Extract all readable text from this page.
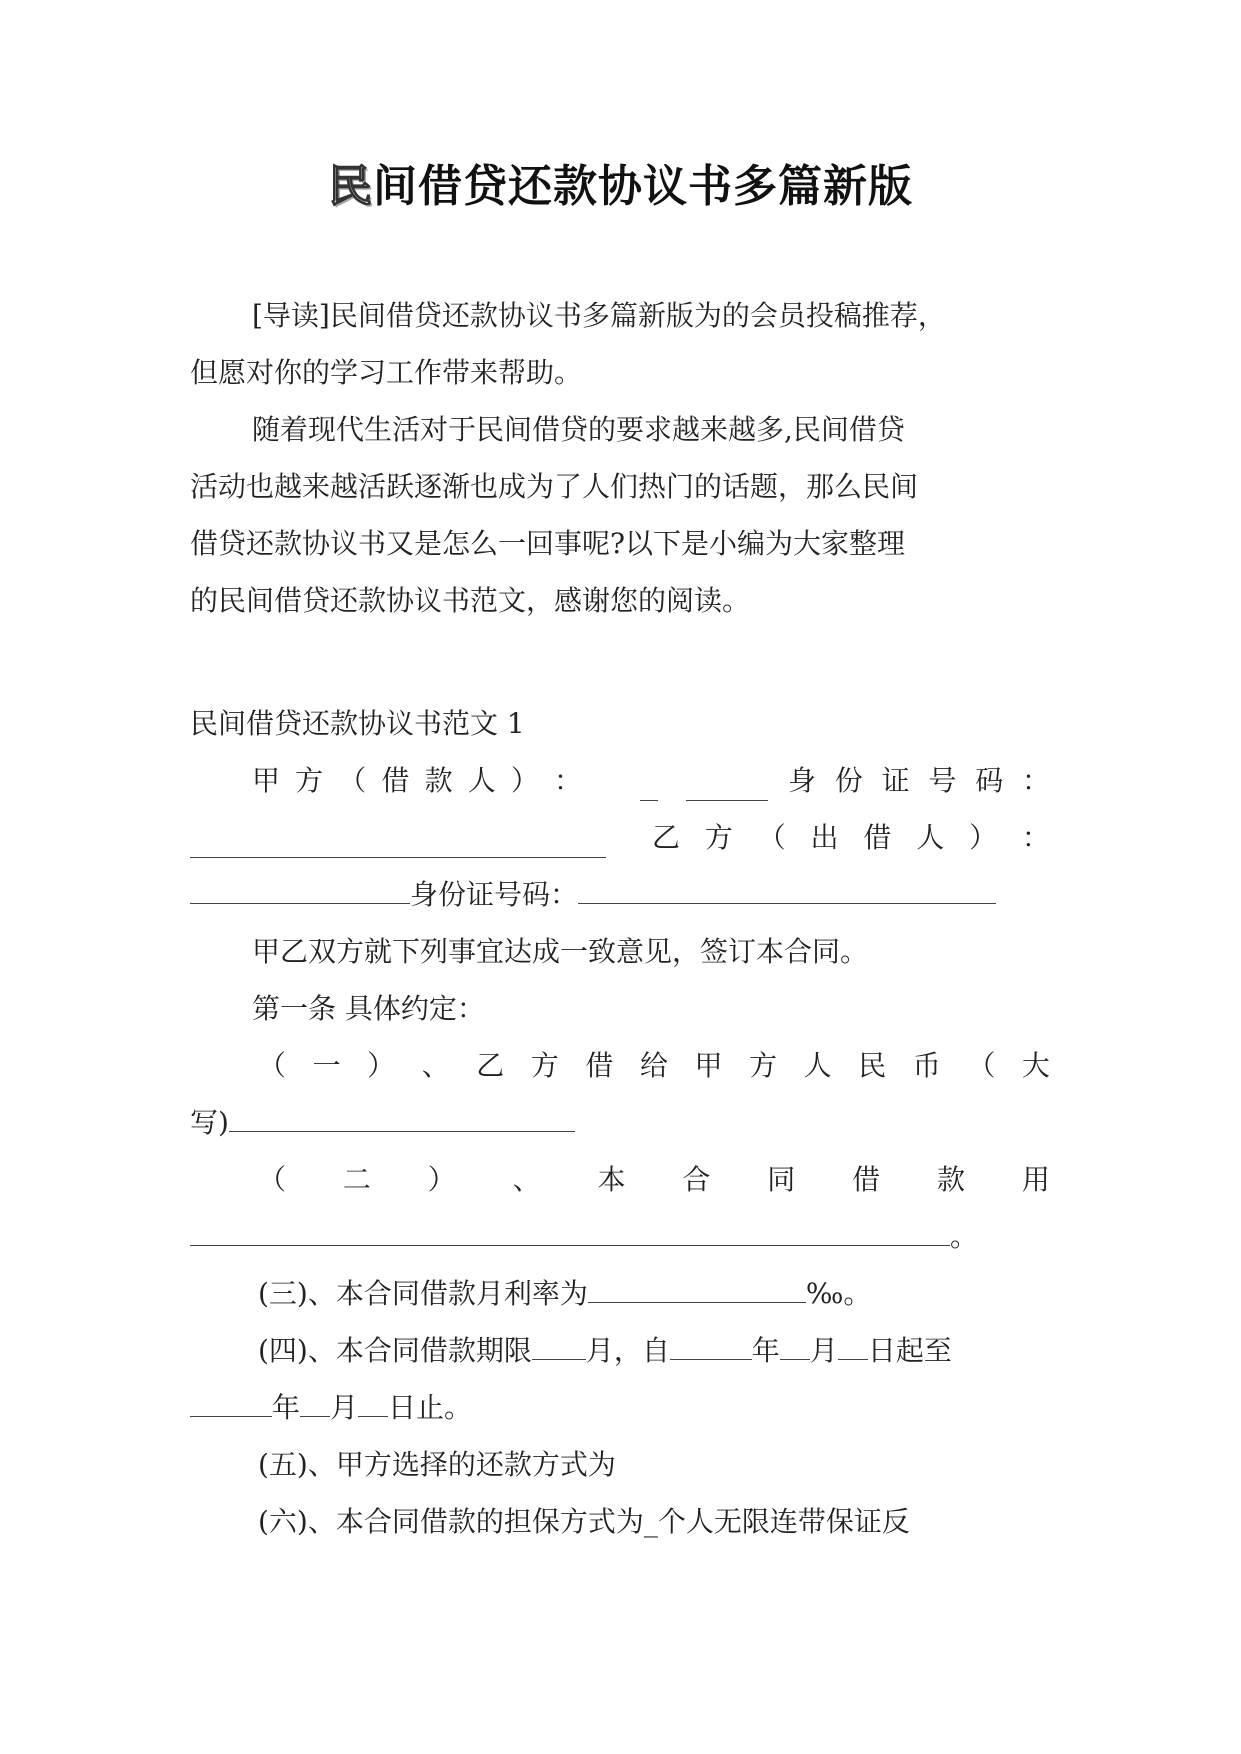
民间借贷还款协议书多篇新版
[导读]民间借贷还款协议书多篇新版为的会员投稿推荐，
但愿对你的学习工作带来帮助。
随着现代生活对于民间借贷的要求越来越多,民间借贷
活动也越来越活跃逐渐也成为了人们热门的话题，那么民间
借贷还款协议书又是怎么一回事呢?以下是小编为大家整理
的民间借贷还款协议书范文，感谢您的阅读。
民间借贷还款协议书范文 1
甲 方 （ 借 款 人 ） ：	身 份 证 号 码 ：
乙 方 （ 出 借 人 ） ：
身份证号码：
甲乙双方就下列事宜达成一致意见，签订本合同。
第一条 具体约定：
（ 一 ） 、 乙 方 借 给 甲 方 人 民 币 （ 大
写)
（ 二 ） 、 本 合 同 借 款 用
。
(三)、本合同借款月利率为	‰。
(四)、本合同借款期限 月，自	年 月 日起至
年 月 日止。
(五)、甲方选择的还款方式为
(六)、本合同借款的担保方式为_个人无限连带保证反
